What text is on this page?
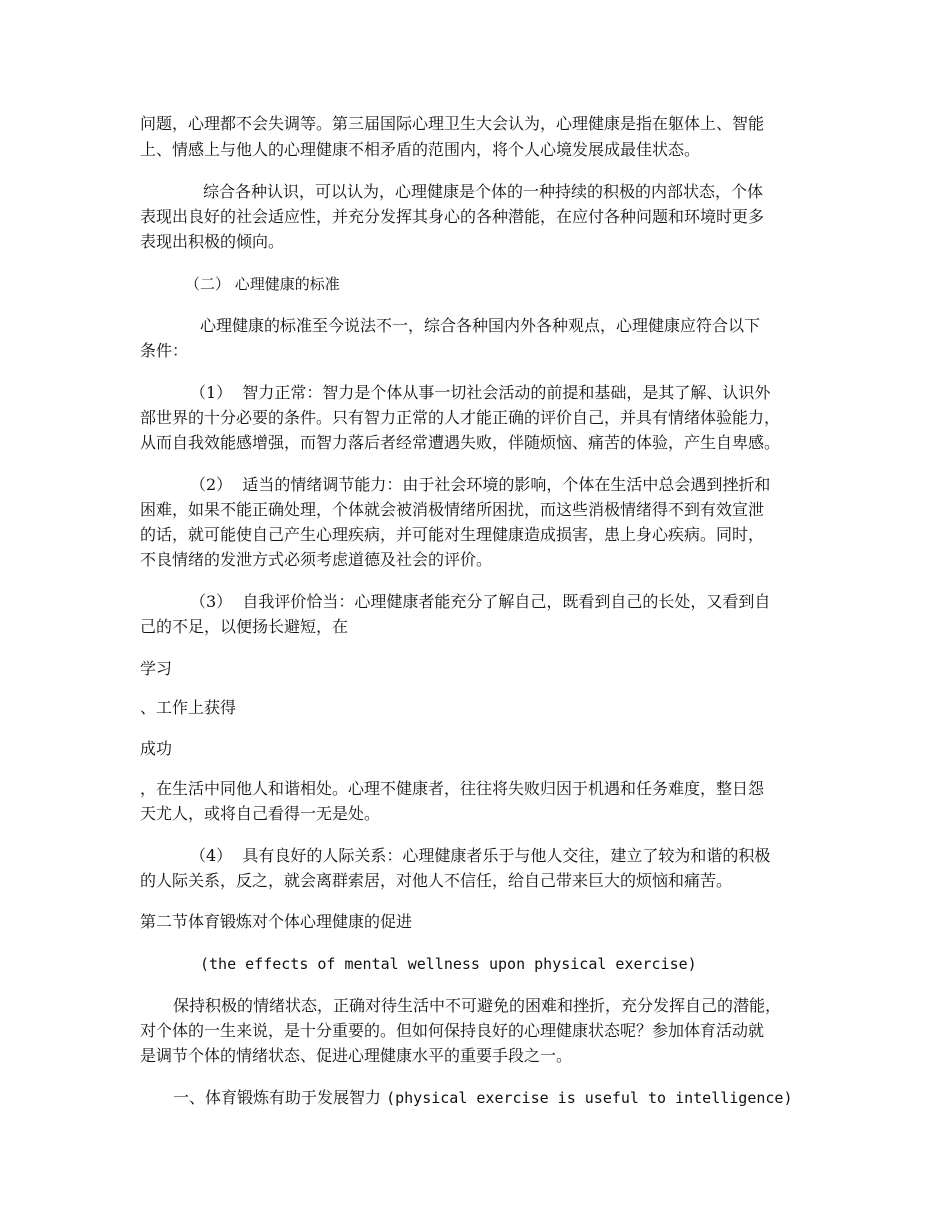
问题，心理都不会失调等。第三届国际心理卫生大会认为，心理健康是指在躯体上、智能
上、情感上与他人的心理健康不相矛盾的范围内，将个人心境发展成最佳状态。
综合各种认识，可以认为，心理健康是个体的一种持续的积极的内部状态，个体
表现出良好的社会适应性，并充分发挥其身心的各种潜能，在应付各种问题和环境时更多
表现出积极的倾向。
（二） 心理健康的标准
心理健康的标准至今说法不一，综合各种国内外各种观点，心理健康应符合以下
条件：
（1）  智力正常：智力是个体从事一切社会活动的前提和基础，是其了解、认识外
部世界的十分必要的条件。只有智力正常的人才能正确的评价自己，并具有情绪体验能力，
从而自我效能感增强，而智力落后者经常遭遇失败，伴随烦恼、痛苦的体验，产生自卑感。
（2）  适当的情绪调节能力：由于社会环境的影响，个体在生活中总会遇到挫折和
困难，如果不能正确处理，个体就会被消极情绪所困扰，而这些消极情绪得不到有效宣泄
的话，就可能使自己产生心理疾病，并可能对生理健康造成损害，患上身心疾病。同时，
不良情绪的发泄方式必须考虑道德及社会的评价。
（3）  自我评价恰当：心理健康者能充分了解自己，既看到自己的长处，又看到自
己的不足，以便扬长避短，在
学习
、工作上获得
成功
，在生活中同他人和谐相处。心理不健康者，往往将失败归因于机遇和任务难度，整日怨
天尤人，或将自己看得一无是处。
（4）  具有良好的人际关系：心理健康者乐于与他人交往，建立了较为和谐的积极
的人际关系，反之，就会离群索居，对他人不信任，给自己带来巨大的烦恼和痛苦。
第二节体育锻炼对个体心理健康的促进
(the effects of mental wellness upon physical exercise)
保持积极的情绪状态，正确对待生活中不可避免的困难和挫折，充分发挥自己的潜能，
对个体的一生来说，是十分重要的。但如何保持良好的心理健康状态呢？参加体育活动就
是调节个体的情绪状态、促进心理健康水平的重要手段之一。
一、体育锻炼有助于发展智力 (physical exercise is useful to intelligence)
